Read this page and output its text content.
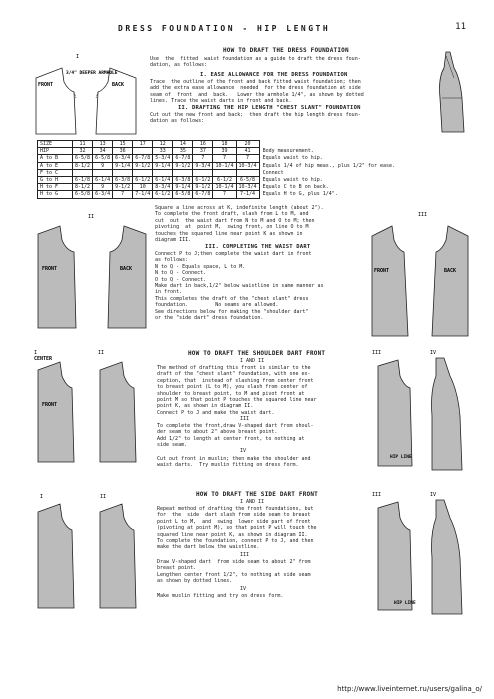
DRESS FOUNDATION - HIP LENGTH	11
HOW TO DRAFT THE DRESS FOUNDATION
Use  the  fitted  waist foundation as a guide to draft the dress foun-
dation, as follows:
I. EASE ALLOWANCE FOR THE DRESS FOUNDATION
Trace  the outline of the front and back fitted waist foundation; then
add the extra ease allowance  needed  for the dress foundation at side
seam of  front  and  back.   Lower the armhole 1/4", as shown by dotted
lines. Trace the waist darts in front and back.
II. DRAFTING THE HIP LENGTH "CHEST SLANT" FOUNDATION
Cut out the new front and back;  then draft the hip length dress foun-
dation as follows:
I
FRONT	BACK
3/4" DEEPER ARMHOLE
SIZE	11	13	15	17	12	14	16	18	20	
HIP	32	34	36		33	35	37	39	41	Body measurement.
A to B	6-5/8	6-5/8	6-3/4	6-7/8	5-3/4	6-7/8	7	7	7	Equals waist to hip.
A to E	8-1/2	9	9-1/4	9-1/2	9-1/4	9-1/2	9-3/4	10-1/4	10-3/4	Equals 1/4 of hip meas., plus 1/2" for ease.
F to C										Connect
G to H	6-1/8	6-1/4	6-3/8	6-1/2	6-1/4	6-3/8	6-1/2	6-1/2	6-5/8	Equals waist to hip.
H to F	8-1/2	9	9-1/2	10	8-3/4	9-1/4	9-1/2	10-1/4	10-3/4	Equals C to B on back.
H to G	6-5/8	6-3/4	7	7-1/4	6-1/2	6-5/8	6-7/8	7	7-1/4	Equals H to G, plus 1/4".
II
FRONT	BACK
Square a line across at K, indefinite length (about 2").
To complete the front draft, slash from L to M, and
cut  out  the waist dart from N to M and O to M; then
pivoting  at  point M,  swing front, on line O to M
touches the squared line near point K as shown in
diagram III.
III. COMPLETING THE WAIST DART
Connect P to J;then complete the waist dart in front
as follows:
N to Q - Equals space, L to M.
N to Q - Connect.
O to Q - Connect.
Make dart in back,1/2" below waistline in same manner as
in front.
This completes the draft of the "chest slant" dress
foundation.         No seams are allowed.
See directions below for making the "shoulder dart"
or the "side dart" dress foundation.
III
FRONT	BACK
HOW TO DRAFT THE SHOULDER DART FRONT
I AND II
The method of drafting this front is similar to the
draft of the "chest slant" foundation, with one ex-
ception, that  instead of slashing from center front
to breast point (L to M), you slash from center of
shoulder to breast point, to M and pivot front at
point M so that point P touches the squared line near
point K, as shown in diagram II.
Connect P to J and make the waist dart.
III
To complete the front,draw V-shaped dart from shoul-
der seam to about 2" above breast point.
Add 1/2" to length at center front, to nothing at
side seam.
IV
Cut out front in muslin; then make the shoulder and
waist darts.  Try muslin fitting on dress form.
I
CENTER
II
FRONT
III	IV
HIP LINE
HOW TO DRAFT THE SIDE DART FRONT
I AND II
Repeat method of drafting the front foundations, but
for  the  side  dart slash from side seam to breast
point L to M,  and  swing  lower side part of front
(pivoting at point M), so that point P will touch the
squared line near point K, as shown in diagram II.
To complete the foundation, connect P to J, and then
make the dart below the waistline.
III
Draw V-shaped dart  from side seam to about 2" from
breast point.
Lengthen center front 1/2", to nothing at side seam
as shown by dotted lines.
IV
Make muslin fitting and try on dress form.
I	II	III	IV
HIP LINE
http://www.liveinternet.ru/users/galina_o/
